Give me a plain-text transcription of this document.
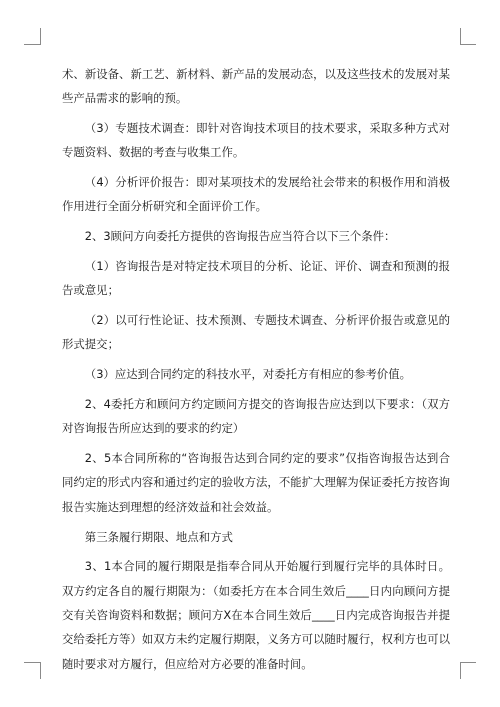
术、新设备、新工艺、新材料、新产品的发展动态，以及这些技术的发展对某些产品需求的影响的预。

（3）专题技术调查：即针对咨询技术项目的技术要求，采取多种方式对专题资料、数据的考查与收集工作。

（4）分析评价报告：即对某项技术的发展给社会带来的积极作用和消极作用进行全面分析研究和全面评价工作。

2、3顾问方向委托方提供的咨询报告应当符合以下三个条件：

（1）咨询报告是对特定技术项目的分析、论证、评价、调查和预测的报告或意见；

（2）以可行性论证、技术预测、专题技术调查、分析评价报告或意见的形式提交；

（3）应达到合同约定的科技水平，对委托方有相应的参考价值。

2、4委托方和顾问方约定顾问方提交的咨询报告应达到以下要求：（双方对咨询报告所应达到的要求的约定）

2、5本合同所称的“咨询报告达到合同约定的要求”仅指咨询报告达到合同约定的形式内容和通过约定的验收方法，不能扩大理解为保证委托方按咨询报告实施达到理想的经济效益和社会效益。

第三条履行期限、地点和方式

3、1本合同的履行期限是指奉合同从开始履行到履行完毕的具体时日。双方约定各自的履行期限为：（如委托方在本合同生效后____日内向顾问方提交有关咨询资料和数据；顾问方X在本合同生效后____日内完成咨询报告并提交给委托方等）如双方未约定履行期限，义务方可以随时履行，权利方也可以随时要求对方履行，但应给对方必要的准备时间。
